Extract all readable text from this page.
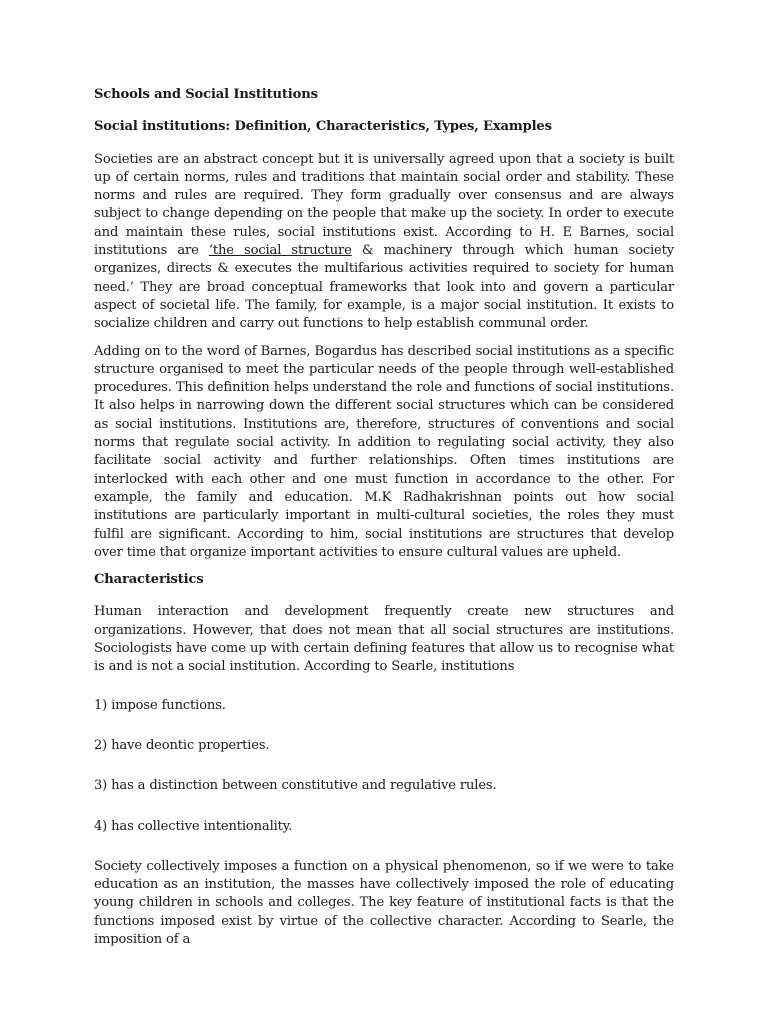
Schools and Social Institutions
Social institutions: Definition, Characteristics, Types, Examples

Societies are an abstract concept but it is universally agreed upon that a society is built up of certain norms, rules and traditions that maintain social order and stability. These norms and rules are required. They form gradually over consensus and are always subject to change depending on the people that make up the society. In order to execute and maintain these rules, social institutions exist. According to H. E Barnes, social institutions are ‘the social structure & machinery through which human society organizes, directs & executes the multifarious activities required to society for human need.’ They are broad conceptual frameworks that look into and govern a particular aspect of societal life. The family, for example, is a major social institution. It exists to socialize children and carry out functions to help establish communal order.

Adding on to the word of Barnes, Bogardus has described social institutions as a specific structure organised to meet the particular needs of the people through well-established procedures. This definition helps understand the role and functions of social institutions. It also helps in narrowing down the different social structures which can be considered as social institutions. Institutions are, therefore, structures of conventions and social norms that regulate social activity. In addition to regulating social activity, they also facilitate social activity and further relationships. Often times institutions are interlocked with each other and one must function in accordance to the other. For example, the family and education. M.K Radhakrishnan points out how social institutions are particularly important in multi-cultural societies, the roles they must fulfil are significant. According to him, social institutions are structures that develop over time that organize important activities to ensure cultural values are upheld.

Characteristics

Human interaction and development frequently create new structures and organizations. However, that does not mean that all social structures are institutions. Sociologists have come up with certain defining features that allow us to recognise what is and is not a social institution. According to Searle, institutions

1) impose functions.
2) have deontic properties.
3) has a distinction between constitutive and regulative rules.
4) has collective intentionality.

Society collectively imposes a function on a physical phenomenon, so if we were to take education as an institution, the masses have collectively imposed the role of educating young children in schools and colleges. The key feature of institutional facts is that the functions imposed exist by virtue of the collective character. According to Searle, the imposition of a
